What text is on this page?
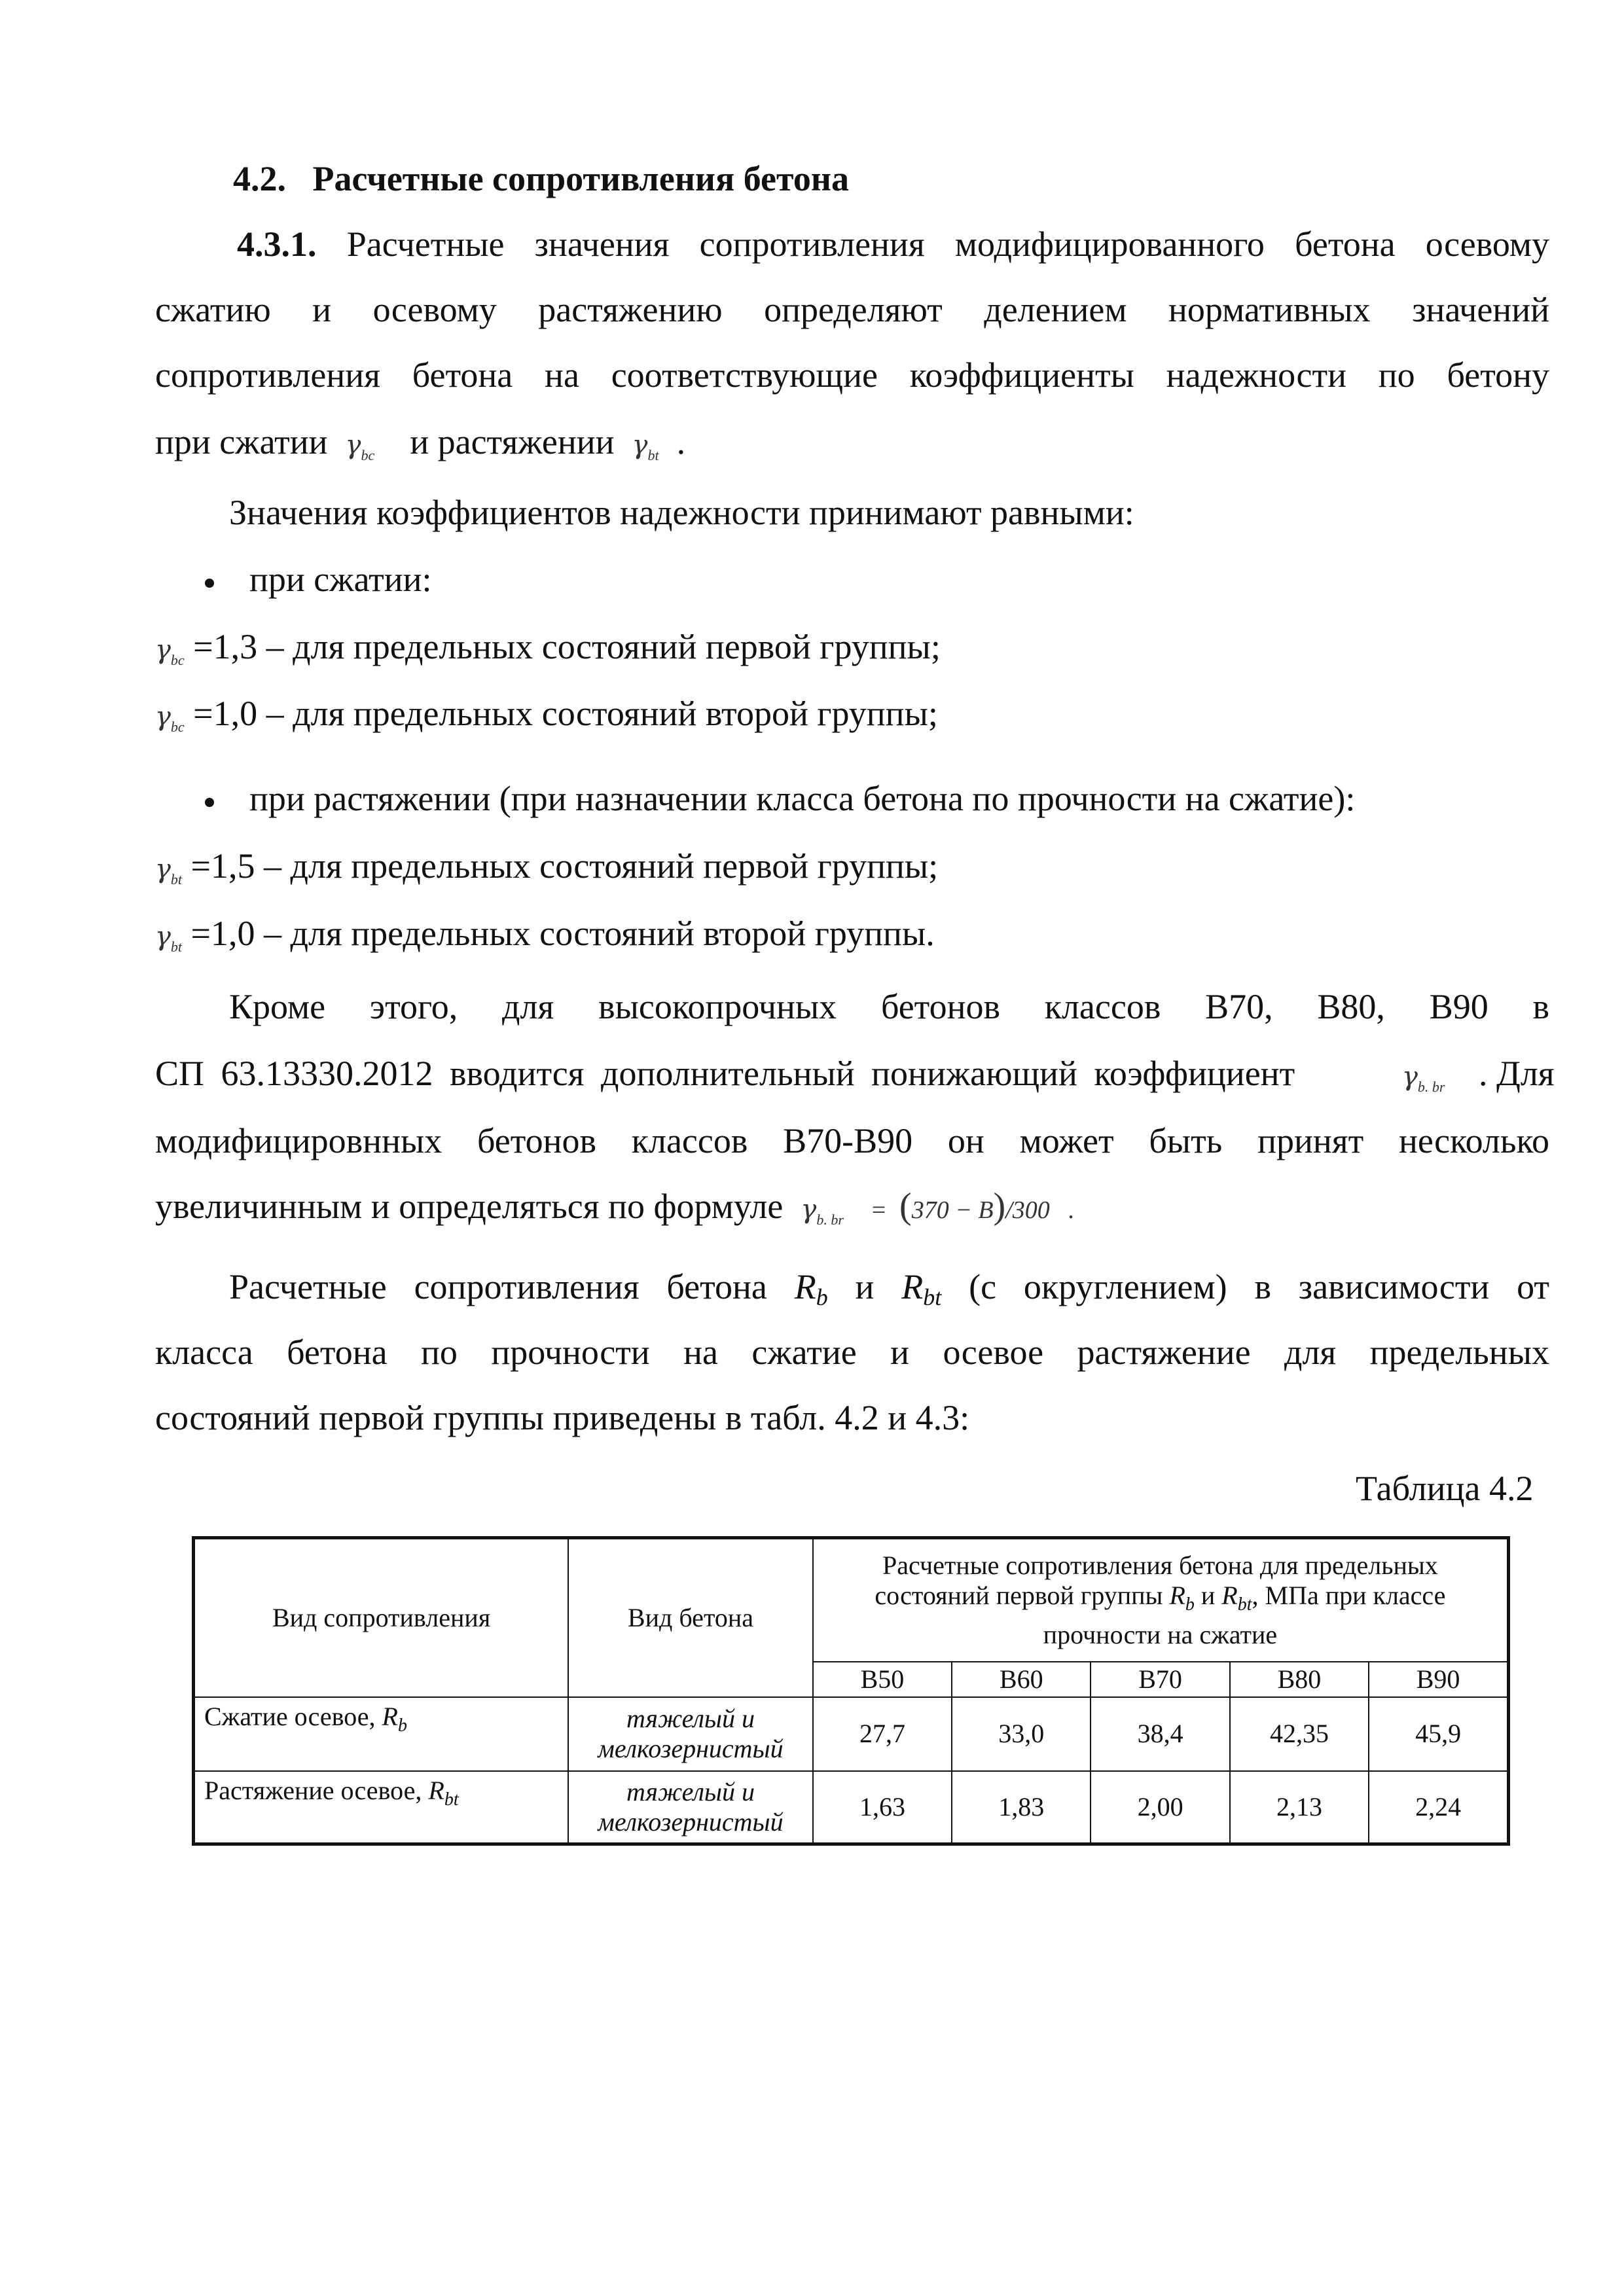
4.2. Расчетные сопротивления бетона
4.3.1. Расчетные значения сопротивления модифицированного бетона осевому
сжатию и осевому растяжению определяют делением нормативных значений
сопротивления бетона на соответствующие коэффициенты надежности по бетону
при сжатии $\gamma_{bc}$ и растяжении $\gamma_{bt}$ .
Значения коэффициентов надежности принимают равными:
при сжатии:
$\gamma_{bc} =1,3$ – для предельных состояний первой группы;
$\gamma_{bc} =1,0$ – для предельных состояний второй группы;
при растяжении (при назначении класса бетона по прочности на сжатие):
$\gamma_{bt} =1,5$ – для предельных состояний первой группы;
$\gamma_{bt} =1,0$ – для предельных состояний второй группы.
Кроме этого, для высокопрочных бетонов классов В70, В80, В90 в
СП 63.13330.2012 вводится дополнительный понижающий коэффициент	$\gamma_{b. br}$ . Для
модифицировнных бетонов классов В70-В90 он может быть принят несколько
увеличинным и определяться по формуле $\gamma_{b. br} = (370 - B)/300$ .
Расчетные сопротивления бетона Rb и Rbt (с округлением) в зависимости от
класса бетона по прочности на сжатие и осевое растяжение для предельных
состояний первой группы приведены в табл. 4.2 и 4.3:
Таблица 4.2
Вид сопротивления	Вид бетона	Расчетные сопротивления бетона для предельных
состояний первой группы $R_b$ и $R_{bt}$, МПа при классе
прочности на сжатие				

		В50	В60	В70	В80	В90
Сжатие осевое, $R_b$	тяжелый и
мелкозернистый	27,7	33,0	38,4	42,35	45,9
Растяжение осевое, $R_{bt}$	тяжелый и
мелкозернистый	1,63	1,83	2,00	2,13	2,24
